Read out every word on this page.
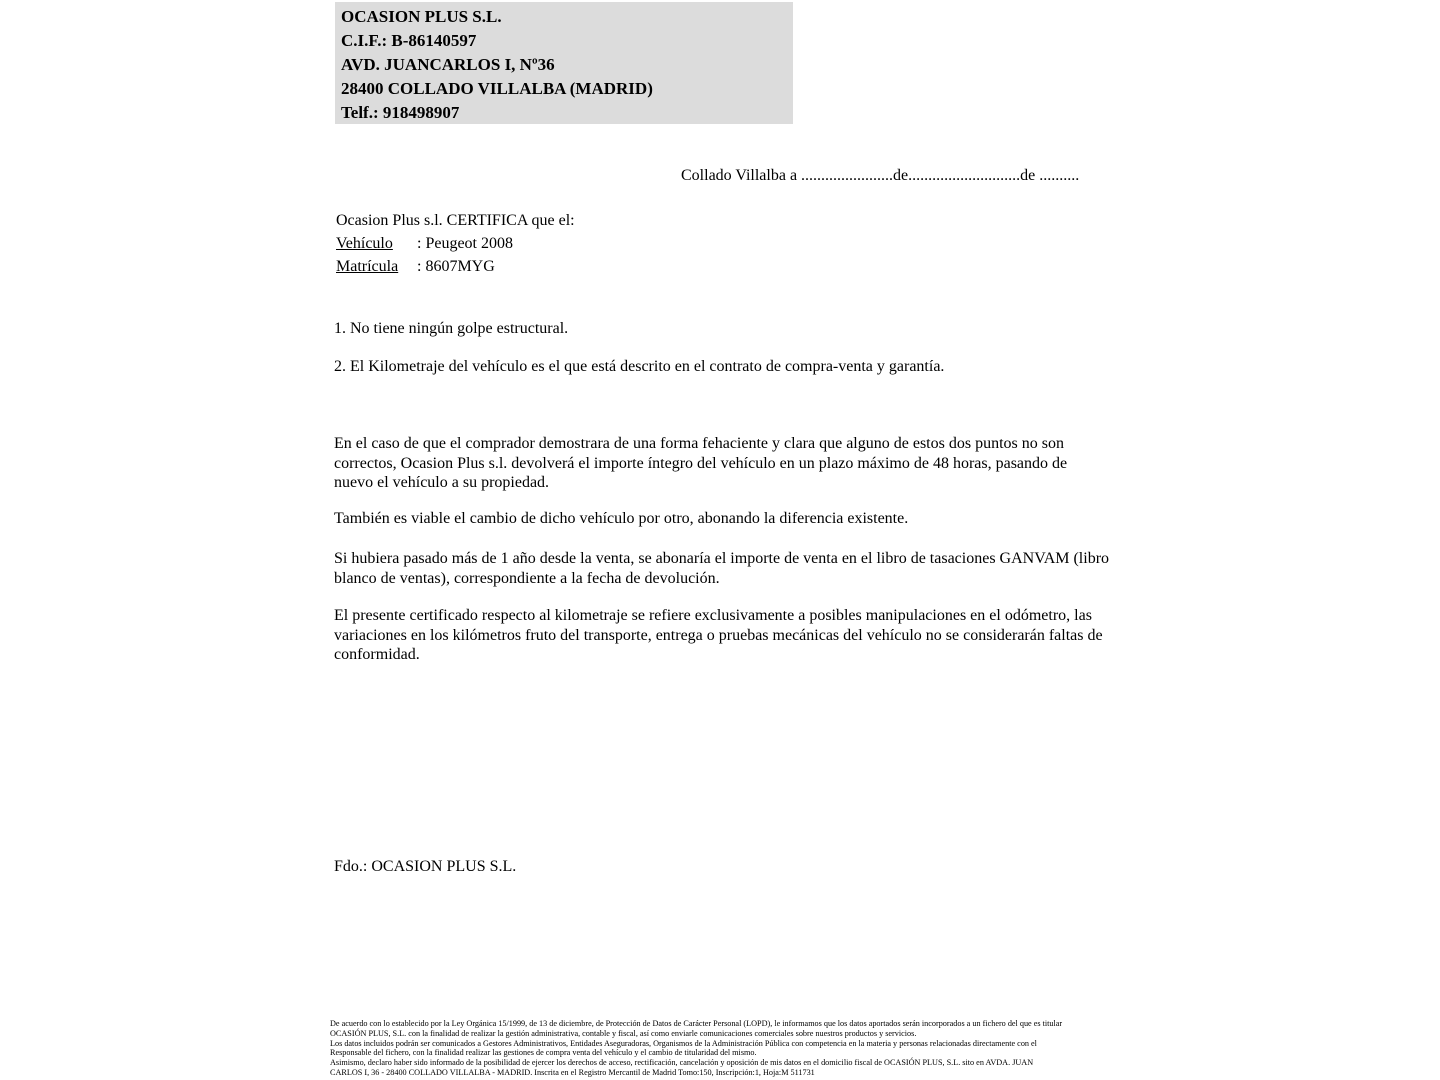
OCASION PLUS S.L.
C.I.F.: B-86140597
AVD. JUANCARLOS I, Nº36
28400 COLLADO VILLALBA (MADRID)
Telf.: 918498907
Collado Villalba a .......................de............................de ..........
Ocasion Plus s.l. CERTIFICA que el:
Vehículo	: Peugeot 2008
Matrícula	: 8607MYG
1. No tiene ningún golpe estructural.
2. El Kilometraje del vehículo es el que está descrito en el contrato de compra-venta y garantía.
En el caso de que el comprador demostrara de una forma fehaciente y clara que alguno de estos dos puntos no son correctos, Ocasion Plus s.l. devolverá el importe íntegro del vehículo en un plazo máximo de 48 horas, pasando de nuevo el vehículo a su propiedad.
También es viable el cambio de dicho vehículo por otro, abonando la diferencia existente.
Si hubiera pasado más de 1 año desde la venta, se abonaría el importe de venta en el libro de tasaciones GANVAM (libro blanco de ventas), correspondiente a la fecha de devolución.
El presente certificado respecto al kilometraje se refiere exclusivamente a posibles manipulaciones en el odómetro, las variaciones en los kilómetros fruto del transporte, entrega o pruebas mecánicas del vehículo no se considerarán faltas de conformidad.
Fdo.: OCASION PLUS S.L.
De acuerdo con lo establecido por la Ley Orgánica 15/1999, de 13 de diciembre, de Protección de Datos de Carácter Personal (LOPD), le informamos que los datos aportados serán incorporados a un fichero del que es titular
OCASIÓN PLUS, S.L. con la finalidad de realizar la gestión administrativa, contable y fiscal, así como enviarle comunicaciones comerciales sobre nuestros productos y servicios.
Los datos incluidos podrán ser comunicados a Gestores Administrativos, Entidades Aseguradoras, Organismos de la Administración Pública con competencia en la materia y personas relacionadas directamente con el
Responsable del fichero, con la finalidad realizar las gestiones de compra venta del vehículo y el cambio de titularidad del mismo.
Asimismo, declaro haber sido informado de la posibilidad de ejercer los derechos de acceso, rectificación, cancelación y oposición de mis datos en el domicilio fiscal de OCASIÓN PLUS, S.L. sito en AVDA. JUAN
CARLOS I, 36 - 28400 COLLADO VILLALBA - MADRID. Inscrita en el Registro Mercantil de Madrid Tomo:150, Inscripción:1, Hoja:M 511731
